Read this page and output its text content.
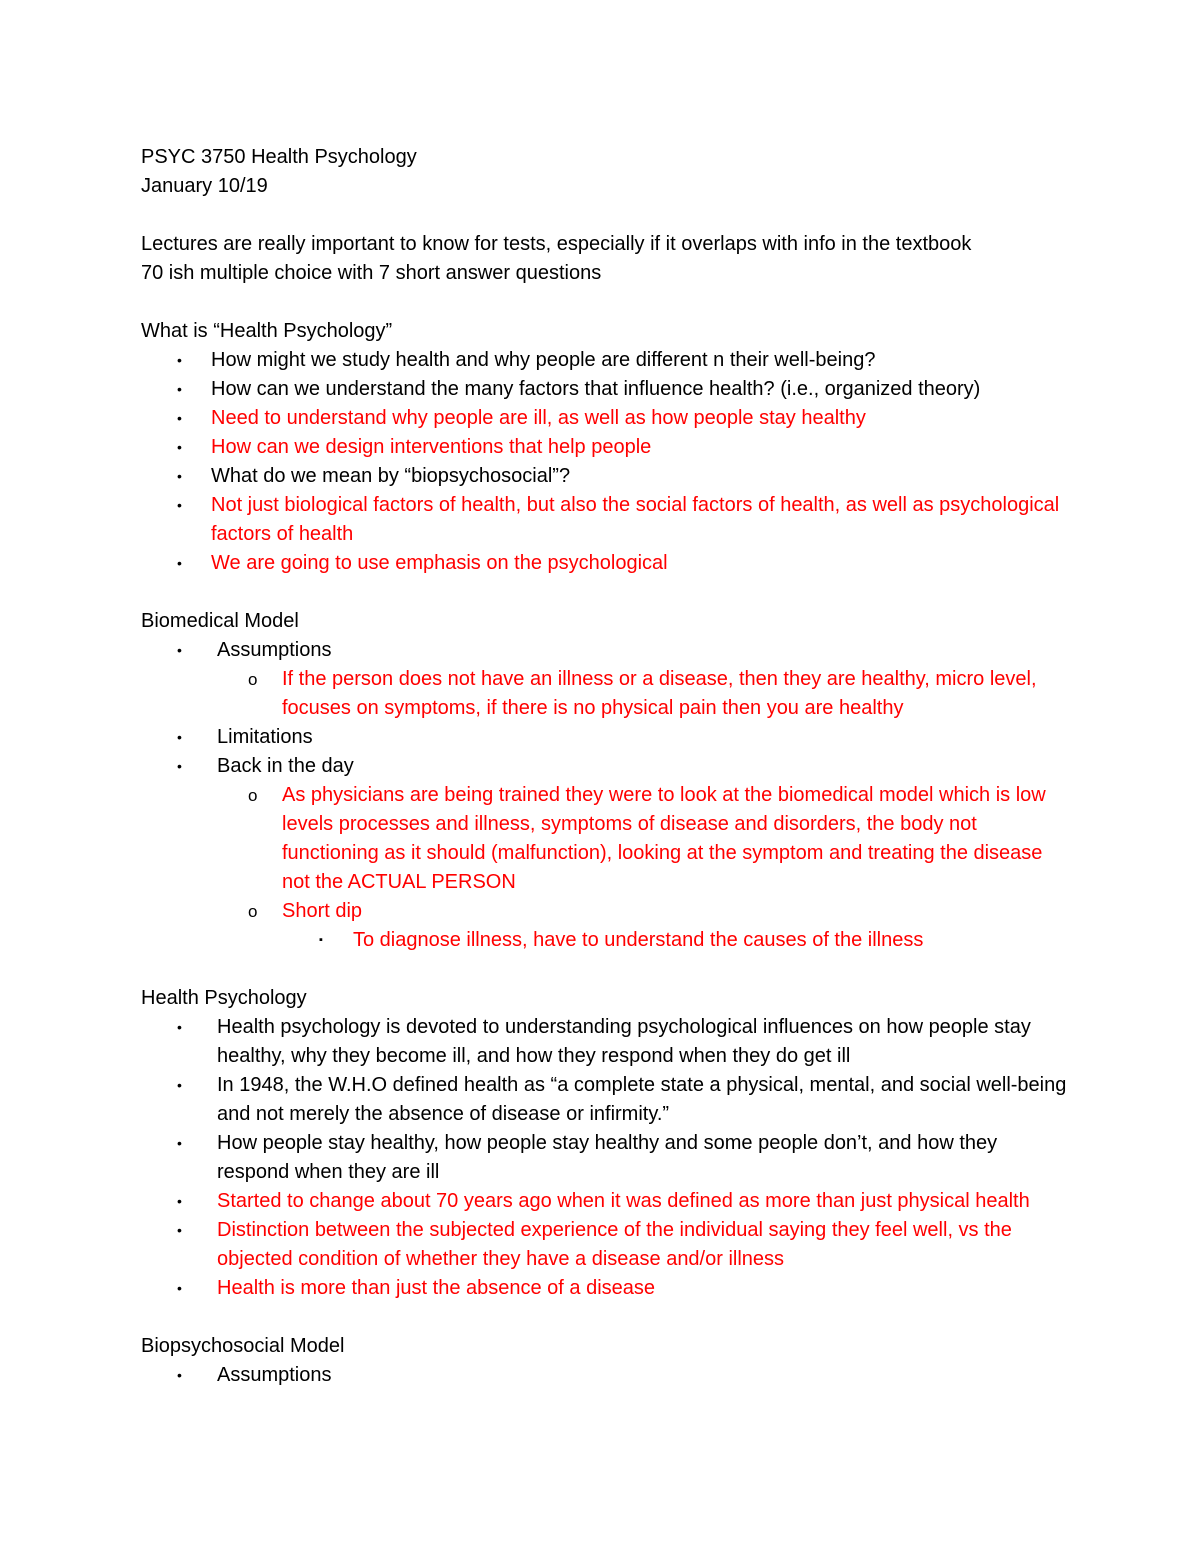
PSYC 3750 Health Psychology
January 10/19
Lectures are really important to know for tests, especially if it overlaps with info in the textbook
70 ish multiple choice with 7 short answer questions
What is “Health Psychology”
• How might we study health and why people are different n their well-being?
• How can we understand the many factors that influence health? (i.e., organized theory)
• Need to understand why people are ill, as well as how people stay healthy
• How can we design interventions that help people
• What do we mean by “biopsychosocial”?
• Not just biological factors of health, but also the social factors of health, as well as psychological factors of health
• We are going to use emphasis on the psychological
Biomedical Model
• Assumptions
o If the person does not have an illness or a disease, then they are healthy, micro level, focuses on symptoms, if there is no physical pain then you are healthy
• Limitations
• Back in the day
o As physicians are being trained they were to look at the biomedical model which is low levels processes and illness, symptoms of disease and disorders, the body not functioning as it should (malfunction), looking at the symptom and treating the disease not the ACTUAL PERSON
o Short dip
▪ To diagnose illness, have to understand the causes of the illness
Health Psychology
• Health psychology is devoted to understanding psychological influences on how people stay healthy, why they become ill, and how they respond when they do get ill
• In 1948, the W.H.O defined health as “a complete state a physical, mental, and social well-being and not merely the absence of disease or infirmity.”
• How people stay healthy, how people stay healthy and some people don’t, and how they respond when they are ill
• Started to change about 70 years ago when it was defined as more than just physical health
• Distinction between the subjected experience of the individual saying they feel well, vs the objected condition of whether they have a disease and/or illness
• Health is more than just the absence of a disease
Biopsychosocial Model
• Assumptions
